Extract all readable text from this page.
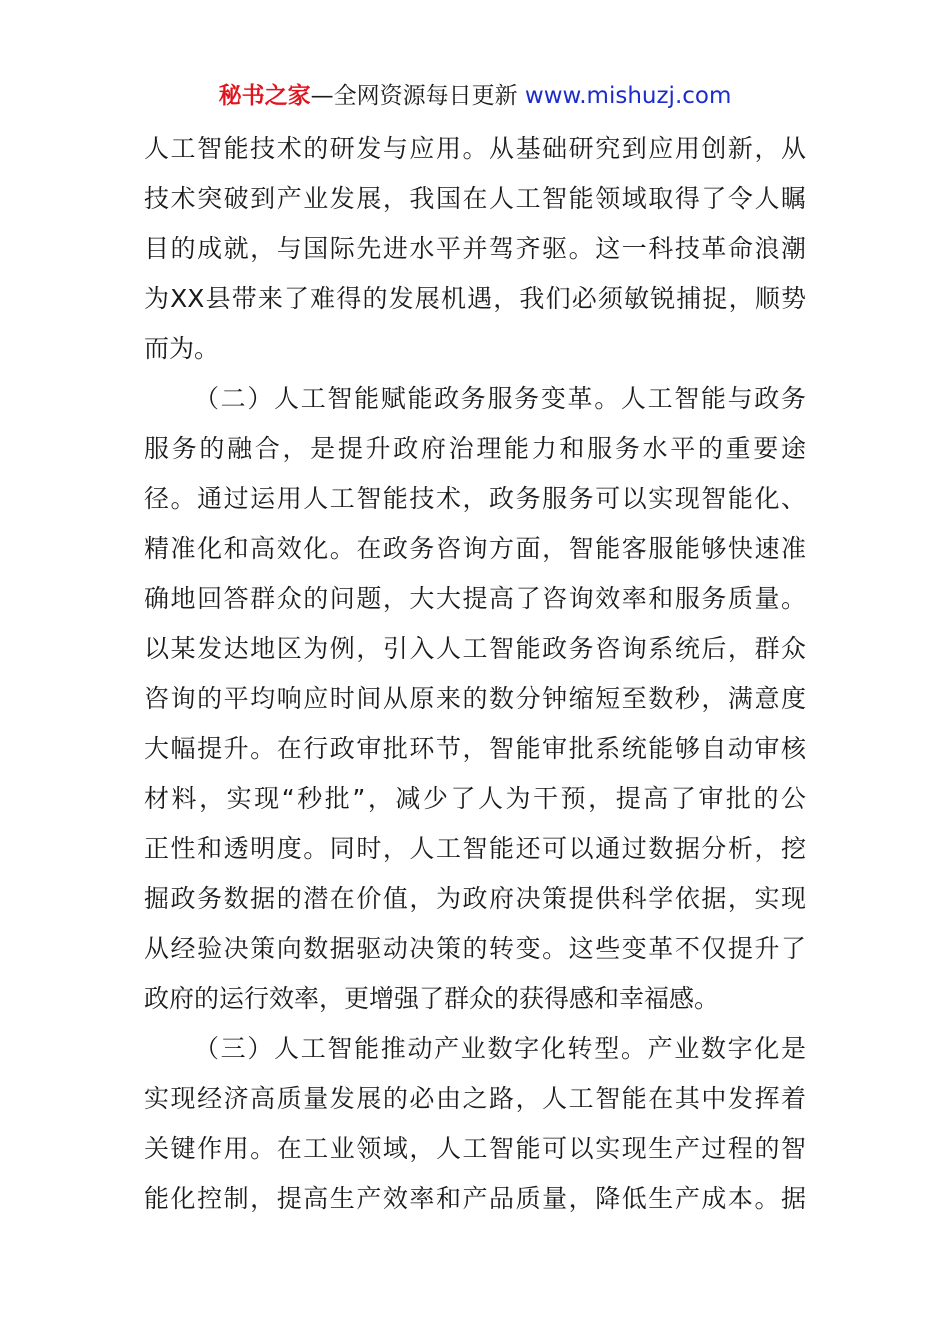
秘书之家—全网资源每日更新 www.mishuzj.com
人工智能技术的研发与应用。从基础研究到应用创新，从
技术突破到产业发展，我国在人工智能领域取得了令人瞩
目的成就，与国际先进水平并驾齐驱。这一科技革命浪潮
为XX县带来了难得的发展机遇，我们必须敏锐捕捉，顺势
而为。
（二）人工智能赋能政务服务变革。人工智能与政务
服务的融合，是提升政府治理能力和服务水平的重要途
径。通过运用人工智能技术，政务服务可以实现智能化、
精准化和高效化。在政务咨询方面，智能客服能够快速准
确地回答群众的问题，大大提高了咨询效率和服务质量。
以某发达地区为例，引入人工智能政务咨询系统后，群众
咨询的平均响应时间从原来的数分钟缩短至数秒，满意度
大幅提升。在行政审批环节，智能审批系统能够自动审核
材料，实现“秒批”，减少了人为干预，提高了审批的公
正性和透明度。同时，人工智能还可以通过数据分析，挖
掘政务数据的潜在价值，为政府决策提供科学依据，实现
从经验决策向数据驱动决策的转变。这些变革不仅提升了
政府的运行效率，更增强了群众的获得感和幸福感。
（三）人工智能推动产业数字化转型。产业数字化是
实现经济高质量发展的必由之路，人工智能在其中发挥着
关键作用。在工业领域，人工智能可以实现生产过程的智
能化控制，提高生产效率和产品质量，降低生产成本。据
